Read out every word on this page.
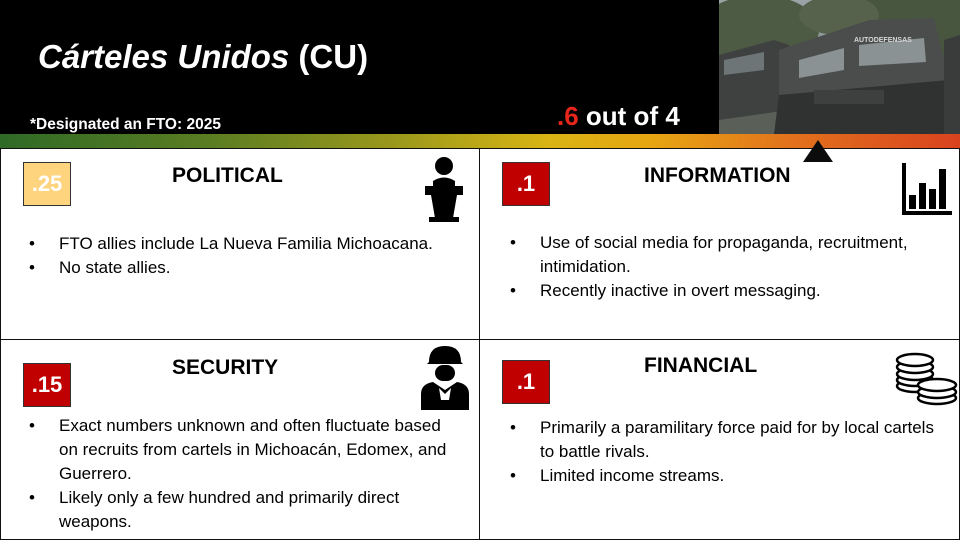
Cárteles Unidos (CU)
*Designated an FTO: 2025	.6 out of 4
AUTODEFENSAS
.25	POLITICAL
• FTO allies include La Nueva Familia Michoacana.
• No state allies.
.1	INFORMATION
• Use of social media for propaganda, recruitment, intimidation.
• Recently inactive in overt messaging.
.15
SECURITY
• Exact numbers unknown and often fluctuate based on recruits from cartels in Michoacán, Edomex, and Guerrero.
• Likely only a few hundred and primarily direct weapons.
.1
FINANCIAL
• Primarily a paramilitary force paid for by local cartels to battle rivals.
• Limited income streams.
